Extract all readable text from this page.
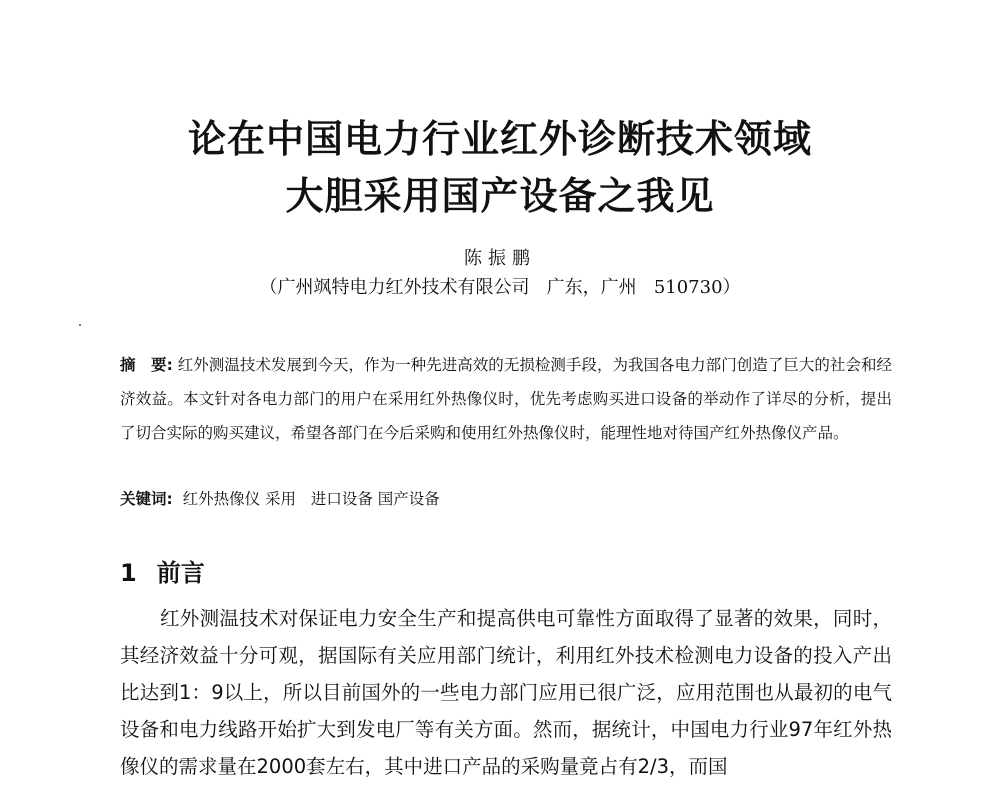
论在中国电力行业红外诊断技术领域
大胆采用国产设备之我见
陈振鹏
（广州飒特电力红外技术有限公司 广东，广州 510730）

摘　要: 红外测温技术发展到今天，作为一种先进高效的无损检测手段，为我国各电力部门创造了巨大的社会和经济效益。本文针对各电力部门的用户在采用红外热像仪时，优先考虑购买进口设备的举动作了详尽的分析，提出了切合实际的购买建议，希望各部门在今后采购和使用红外热像仪时，能理性地对待国产红外热像仪产品。

关键词: 红外热像仪 采用 进口设备 国产设备

1 前言

红外测温技术对保证电力安全生产和提高供电可靠性方面取得了显著的效果，同时，其经济效益十分可观，据国际有关应用部门统计，利用红外技术检测电力设备的投入产出比达到1：9以上，所以目前国外的一些电力部门应用已很广泛，应用范围也从最初的电气设备和电力线路开始扩大到发电厂等有关方面。然而，据统计，中国电力行业97年红外热像仪的需求量在2000套左右，其中进口产品的采购量竟占有2/3，而国
